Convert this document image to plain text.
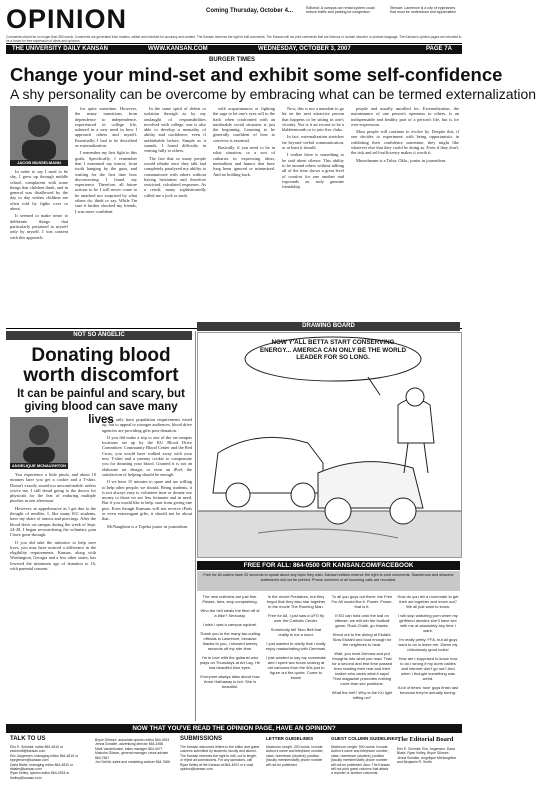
OPINION	Coming Thursday, October 4...	Editorial: A campus car rental system could reduce traffic and parking lot congestion.
Stewart: Lawrence is a city of epiphanies that must be understood and appreciated.
Comments should be no longer than 350 words. Comments are generated from readers, edited and checked for accuracy and content. The Kansan reserves the right to edit comments. The Kansan will not print comments that are libelous or contain obscene or profane language. The Kansan's opinion pages are intended to be a forum for free expression of ideas and opinions.
THE UNIVERSITY DAILY KANSAN	WWW.KANSAN.COM	WEDNESDAY, OCTOBER 3, 2007	PAGE 7A
BURGER TIMES
Change your mind-set and exhibit some self-confidence
A shy personality can be overcome by embracing what can be termed externalization
JACOB MUSSELMANN

In order to say I used to be shy, I grew up through middle school, complacent with some things that children think, and in general was disallowed by the day to day wishes children are often told by fights over or about.

It seemed to make sense to deliberate things that particularly pertained to myself only by myself. I was content with this approach.

for quite sometime. However, the many transitions from dependence to independence, experienced in college life, ushered in a new need in how I approach others and myself. Essentially, I had to be described as externalization.

I remember my first fight to this goals. Specifically, I remember that I examined my mirror, front tooth hanging by the gum, and waiting for the first time how disconcerting I found my experience. Therefore, all future actions to be I will never come to be attacked nor surprised by what others do, think or say. While I'm sure it further shocked my friends, I was more confident.

In the same spirit of defeat or isolation through as by my onslaught of responsibilities involved with college, one is also able to develop a mentality of ability and confidence, even if unthinkable before. Simple as it sounds, I found difficulty in venting fully to others.

The fact that so many people would rebuke once they talk had completely paralyzed my ability to communicate with others without having hesitation and therefore restricted, calculated responses. As a result, many sophisticatedly called me a jock or snob.

with acquaintances or fighting the urge to let one's eyes roll to the back when confronted with an intolerable social situation is just the beginning. Learning to be generally confident of how to converse is essential.

Basically, if you need to be in what situation, or a sort of catharsis in expressing ideas, mentalities and humor that have long been ignored or minimized. And no holding back.

Now, this is not a mandate to go hit on the next attractive person that happens to be sitting in one's vicinity. Nor is it an excuse to be a blabbermouth or to join five clubs.

In fact, externalization stretches far beyond verbal communication, or at least it should.

I realize there is something to be said about silence. This ability to be around others without talking all of the time shows a great level of comfort for one another and expounds on truly genuine friendship.

people and usually uncalled for. Externalization, the maintenance of one person's openness to others, is an indispensable and healthy part of a person's life, but is for over-expression.

Most people will continue to evolve by. Despite this, if one decides to experiment with being opportunistic in exhibiting their confidence sometime, they might like whatever else that they could be doing as. Even if they don't, the risk and self-sufficiency makes it worth it.

Musselmann is a Tulsa, Okla., junior in journalism.

NOT SO ANGELIC
Donating blood
worth discomfort
It can be painful and scary, but giving blood can save many lives
ANGELIQUE MCNAUGHTON

You experience a little pinch, and about 10 minutes later you get a cookie and a T-shirt. Doesn't exactly sound too uncomfortable, unless you're me. I still dread going to the doctor for physicals for the fear of enduring multiple pinches in one afternoon.

However, as apprehensive as I get due to the thought of needles, I, like many KU students, have my share of tattoos and piercings. After the blood drive on campus during the week of Sept. 24-28, I began reconsidering the voluntary pain I have gone through.

If you did take the initiative to help save lives, you may have noticed a difference in the eligibility requirements. Kansas, along with Washington, Georgia and a few other states, has lowered the minimum age of donation to 16, with parental consent.

Not only have population requirements eased up, but to appeal to younger audiences, blood drive agencies are providing gifts post-donation.

If you did make a trip to one of the on-campus locations set up by the KU Blood Drive Committee, Community Blood Center and the Red Cross, you would have walked away with your new T-shirt and a yummy cookie to compensate you for donating your blood. Granted it is not an elaborate set design, or even an iPod; the satisfaction of helping should be enough.

If we have 15 minutes to spare and are willing to help other people, we should. Being students, it is not always easy to volunteer time or donate our money to those we see less fortunate and in need. But if you would like to help, start from giving one pint. Even though Kansans will not receive iPods or even extravagant gifts, it should not be about that.

McNaughton is a Topeka junior in journalism.

DRAWING BOARD
NOW Y'ALL BETTA START CONSERVING ENERGY... AMERICA CAN ONLY BE THE WORLD LEADER FOR SO LONG.
FREE FOR ALL: 864-0500 OR KANSAN.COM/FACEBOOK
Free for All callers have 20 seconds to speak about any topic they wish. Kansan editors reserve the right to omit comments. Slanderous and obscene statements will not be printed. Phone numbers of all incoming calls are recorded.

The new uniforms are just fine. Please, fans, stop complaining.

Who the hell steals the fleet off of a bike? Seriously.

I wish I was a campus squirrel.

Thank you to the many tax-cutting officials in Lawrence, because thanks to you, I showed twenty seconds off my ride time.

I'm in love with the guitarist who plays on Thursdays at Art Lag. He has beautiful blue eyes.

Everyone always talks about how Anne Hathaway is hot. She is beautiful.

In the movie Predators, but they forgot that they also star together in the movie The Running Man.

Free for All, I just saw a UFO fly over the Catholic Center.

Somebody tell Taco Bell that reality is not a word.

I just wanted to clarify that I really enjoy masturbating with Gemmas.

I just wanted to say my roommate and I spent two hours looking at old cartoons from the 80s just to figure out the quote, Come to know!

To all you guys out there: the Free For All would like it. Power. Power, that is it.

If ED can hold onto the ball on offense, we will win the football game. Rock Chalk, go Hawks.

Shout out to the dining at Ekdahl. Slow Ekdahl and loud enough for the neighbors to hear.

Wait, you read Gemma and put thoughts into what you read. That for a second and first time passed from reading their rear and their realize who cares what it says! That magazine promotes nothing more than sex positions.

What the hell? Why is the KU light sitting on?

How do you tell a roommate to get their act together and move out? We all just want to know.

I will stop watching porn when my girlfriend decides she'll have sex with me at absolutely any time I want.

I'm really pretty. FFA, but all guys want to do is leave me. Damn my ridiculously good looks!

How am I supposed to know how to do I wrong if my dorm cables and internet don't go out? And when I thought something was weird.

A lot of times 'nice' guys finish last because they're actually boring.

NOW THAT YOU'VE READ THE OPINION PAGE, HAVE AN OPINION?
TALK TO US
Erin E. Schmidt, editor 864-4810 or eschmidt@kansan.com
Eric Jorgensen, managing editor 864-4810 or ejorgensen@kansan.com
Darla Blake, managing editor 864-4810 or dblake@kansan.com
Ryan Kelley, opinion editor 864-4924 or rkelley@kansan.com
Bryce Gilmore, associate opinion editor 864-4924
Jenna Schaller, advertising director 864-4358
Mark Vanderkuske, sales manager 864-4477
Malcolm Gibson, general manager, news adviser 864-7667
Jon Schlitt, sales and marketing adviser 864-7666
SUBMISSIONS
The Kansan welcomes letters to the editor and guest columns submitted by students, faculty and alumni. The Kansan reserves the right to edit, cut to length, or reject all submissions. For any questions, call Ryan Kelley at the Kansan at 864-4924 or e-mail opinion@kansan.com.
LETTER GUIDELINES
Maximum Length: 200 words. Include: Author's name and telephone number; class, hometown (student); position (faculty member/staff); phone number will not be published.
GUEST COLUMN GUIDELINES
Maximum Length: 500 words. Include: Author's name and telephone number; class, hometown (student); position (faculty member/staff); phone number will not be published. Also: The Kansan will not print guest columns that attack a reporter or another columnist.
The Editorial Board
Erin E. Schmidt, Eric Jorgensen, Darla Blake, Ryan Kelley, Bryce Gilmore, Jenna Schaller, Angelique McNaughton and Benjamin R. Smith
